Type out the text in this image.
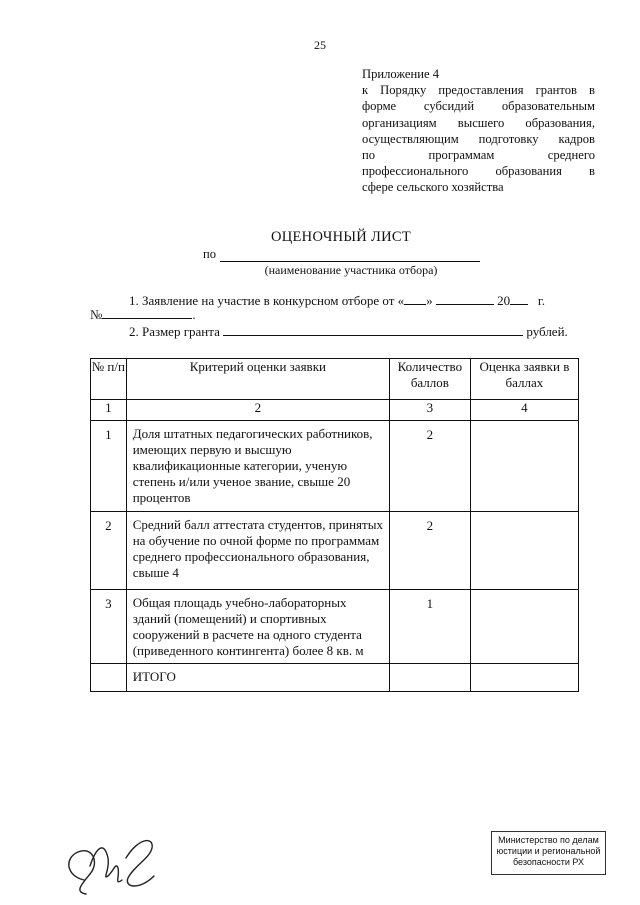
25
Приложение 4
к Порядку предоставления грантов в
форме субсидий образовательным
организациям высшего образования,
осуществляющим подготовку кадров
по программам среднего
профессионального образования в
сфере сельского хозяйства
ОЦЕНОЧНЫЙ ЛИСТ
по
(наименование участника отбора)
1. Заявление на участие в конкурсном отборе от « »	20 г.
№	.
2. Размер гранта	рублей.
№ п/п	Критерий оценки заявки	Количество баллов	Оценка заявки в баллах
1	2	3	4

1	Доля штатных педагогических работников, имеющих первую и высшую квалификационные категории, ученую степень и/или ученое звание, свыше 20 процентов	2	

2	Средний балл аттестата студентов, принятых на обучение по очной форме по программам среднего профессионального образования, свыше 4	2	

3	Общая площадь учебно-лабораторных зданий (помещений) и спортивных сооружений в расчете на одного студента (приведенного контингента) более 8 кв. м	1	

	ИТОГО		

Министерство по делам
юстиции и региональной
безопасности РХ
